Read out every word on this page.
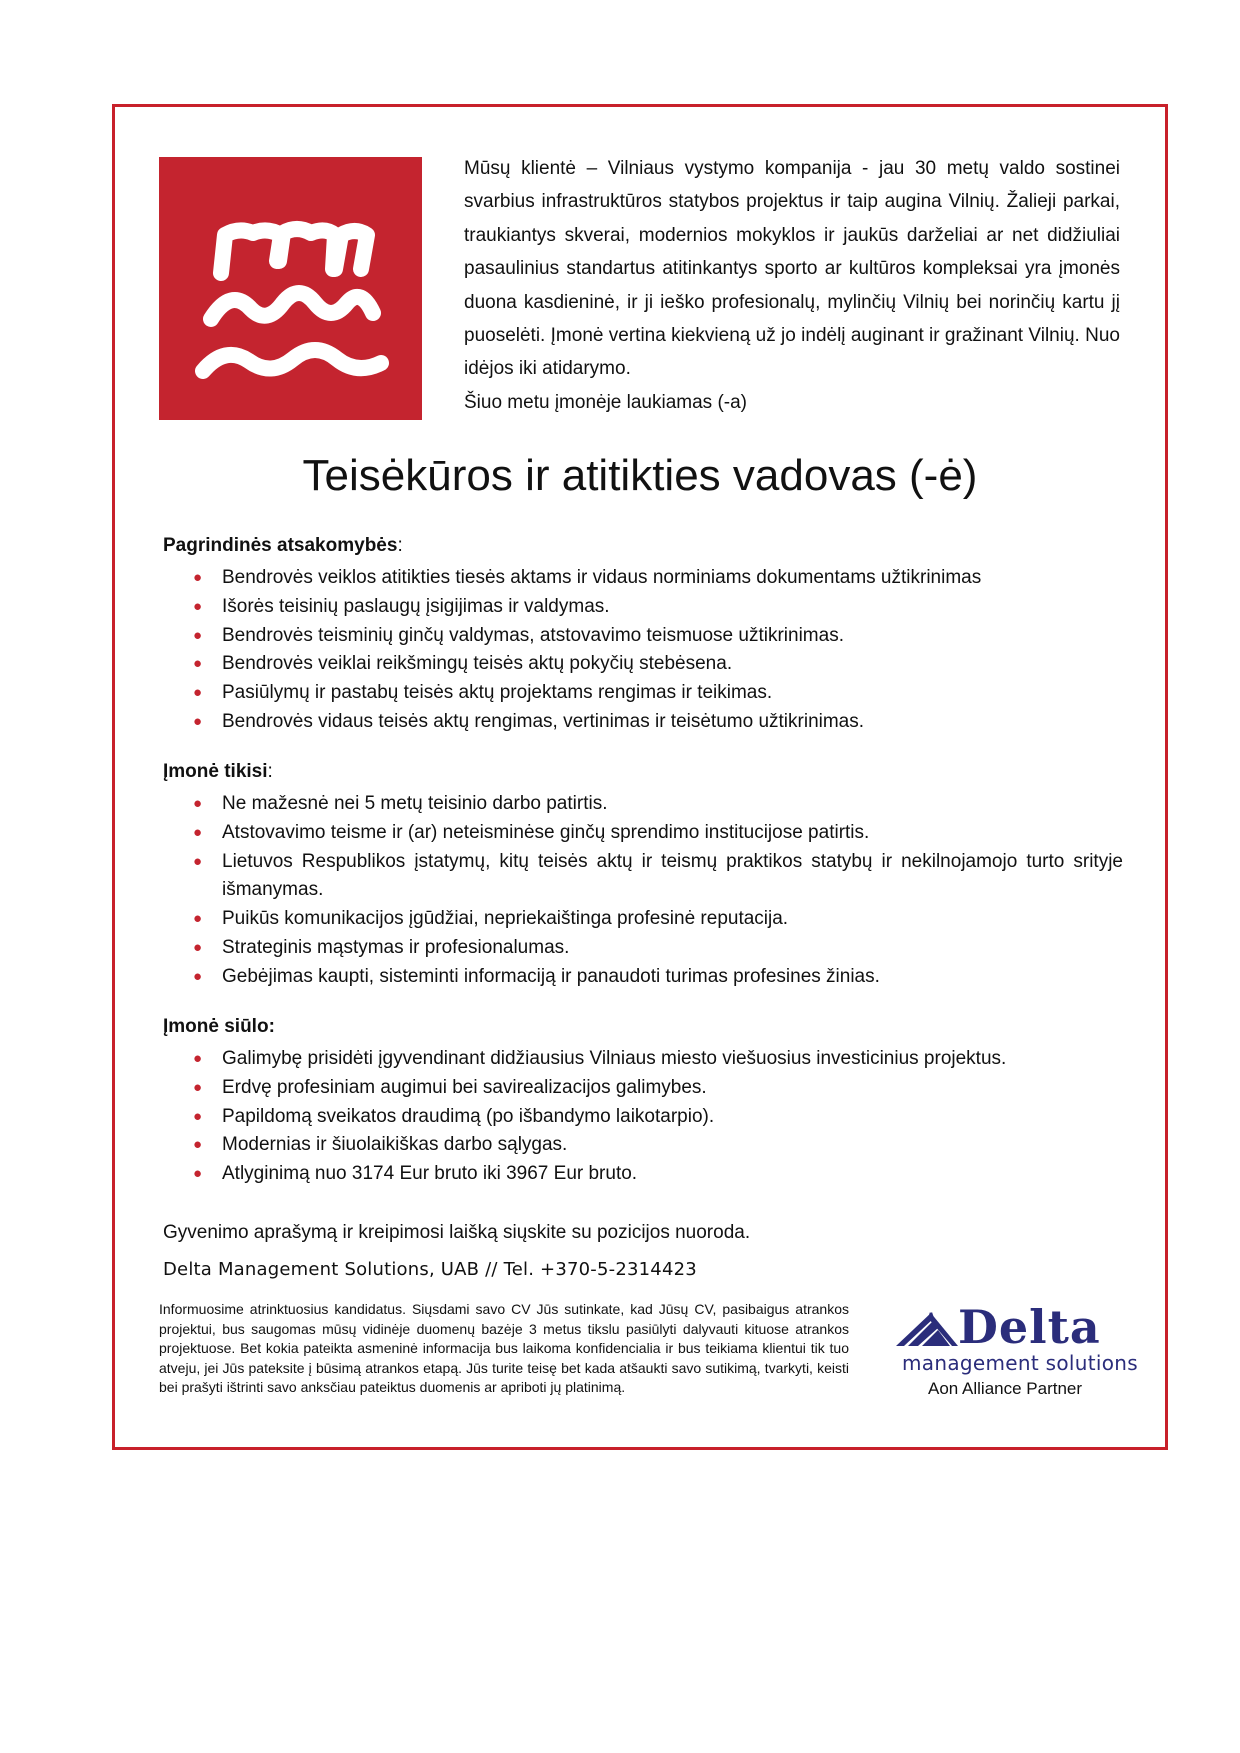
Mūsų klientė – Vilniaus vystymo kompanija - jau 30 metų valdo sostinei svarbius infrastruktūros statybos projektus ir taip augina Vilnių. Žalieji parkai, traukiantys skverai, modernios mokyklos ir jaukūs darželiai ar net didžiuliai pasaulinius standartus atitinkantys sporto ar kultūros kompleksai yra įmonės duona kasdieninė, ir ji ieško profesionalų, mylinčių Vilnių bei norinčių kartu jį puoselėti. Įmonė vertina kiekvieną už jo indėlį auginant ir gražinant Vilnių. Nuo idėjos iki atidarymo.

Šiuo metu įmonėje laukiamas (-a)

Teisėkūros ir atitikties vadovas (-ė)
Pagrindinės atsakomybės:
● Bendrovės veiklos atitikties tiesės aktams ir vidaus norminiams dokumentams užtikrinimas
● Išorės teisinių paslaugų įsigijimas ir valdymas.
● Bendrovės teisminių ginčų valdymas, atstovavimo teismuose užtikrinimas.
● Bendrovės veiklai reikšmingų teisės aktų pokyčių stebėsena.
● Pasiūlymų ir pastabų teisės aktų projektams rengimas ir teikimas.
● Bendrovės vidaus teisės aktų rengimas, vertinimas ir teisėtumo užtikrinimas.
Įmonė tikisi:
● Ne mažesnė nei 5 metų teisinio darbo patirtis.
● Atstovavimo teisme ir (ar) neteisminėse ginčų sprendimo institucijose patirtis.
● Lietuvos Respublikos įstatymų, kitų teisės aktų ir teismų praktikos statybų ir nekilnojamojo turto srityje išmanymas.
● Puikūs komunikacijos įgūdžiai, nepriekaištinga profesinė reputacija.
● Strateginis mąstymas ir profesionalumas.
● Gebėjimas kaupti, sisteminti informaciją ir panaudoti turimas profesines žinias.
Įmonė siūlo:
● Galimybę prisidėti įgyvendinant didžiausius Vilniaus miesto viešuosius investicinius projektus.
● Erdvę profesiniam augimui bei savirealizacijos galimybes.
● Papildomą sveikatos draudimą (po išbandymo laikotarpio).
● Modernias ir šiuolaikiškas darbo sąlygas.
● Atlyginimą nuo 3174 Eur bruto iki 3967 Eur bruto.
Gyvenimo aprašymą ir kreipimosi laišką siųskite su pozicijos nuoroda.
Delta Management Solutions, UAB // Tel. +370-5-2314423
Informuosime atrinktuosius kandidatus. Siųsdami savo CV Jūs sutinkate, kad Jūsų CV, pasibaigus atrankos projektui, bus saugomas mūsų vidinėje duomenų bazėje 3 metus tikslu pasiūlyti dalyvauti kituose atrankos projektuose. Bet kokia pateikta asmeninė informacija bus laikoma konfidencialia ir bus teikiama klientui tik tuo atveju, jei Jūs pateksite į būsimą atrankos etapą. Jūs turite teisę bet kada atšaukti savo sutikimą, tvarkyti, keisti bei prašyti ištrinti savo anksčiau pateiktus duomenis ar apriboti jų platinimą.
Delta
management solutions
Aon Alliance Partner
